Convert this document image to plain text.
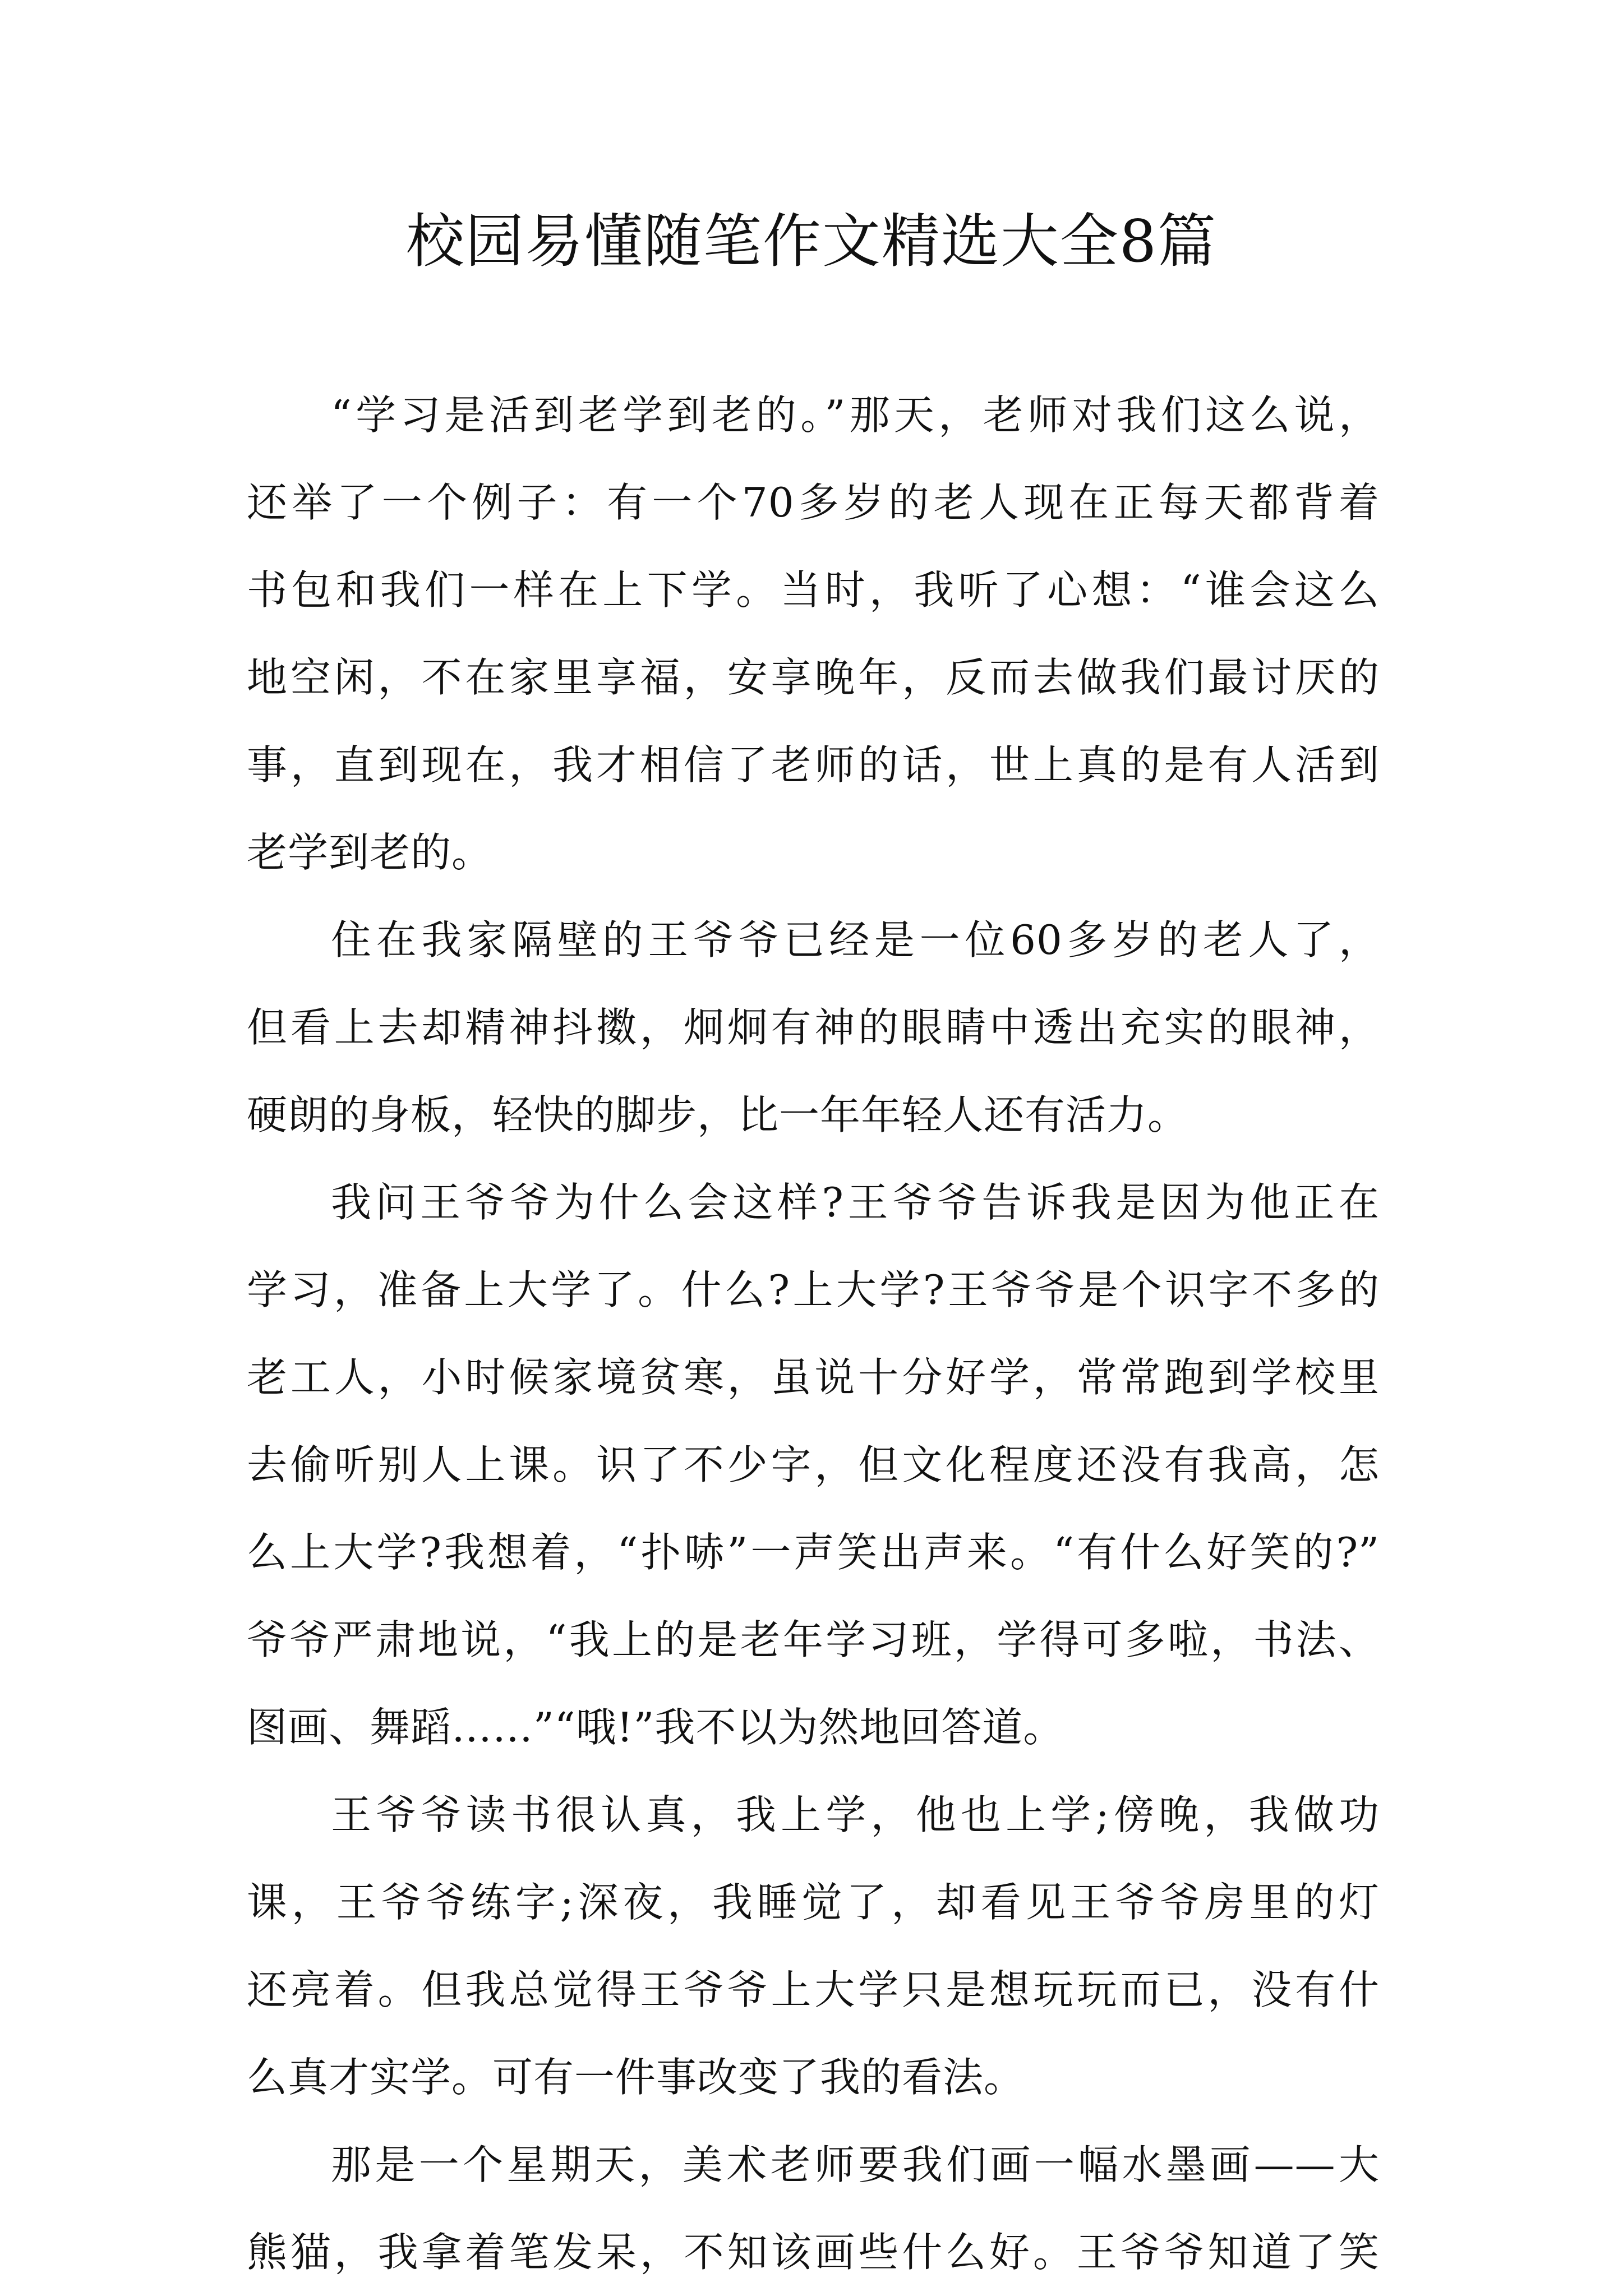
校园易懂随笔作文精选大全8篇
“学习是活到老学到老的。”那天，老师对我们这么说，
还举了一个例子：有一个70多岁的老人现在正每天都背着
书包和我们一样在上下学。当时，我听了心想：“谁会这么
地空闲，不在家里享福，安享晚年，反而去做我们最讨厌的
事，直到现在，我才相信了老师的话，世上真的是有人活到
老学到老的。
住在我家隔壁的王爷爷已经是一位60多岁的老人了，
但看上去却精神抖擞，炯炯有神的眼睛中透出充实的眼神，
硬朗的身板，轻快的脚步，比一年年轻人还有活力。
我问王爷爷为什么会这样?王爷爷告诉我是因为他正在
学习，准备上大学了。什么?上大学?王爷爷是个识字不多的
老工人，小时候家境贫寒，虽说十分好学，常常跑到学校里
去偷听别人上课。识了不少字，但文化程度还没有我高，怎
么上大学?我想着，“扑哧”一声笑出声来。“有什么好笑的?”
爷爷严肃地说，“我上的是老年学习班，学得可多啦，书法、
图画、舞蹈……”“哦!”我不以为然地回答道。
王爷爷读书很认真，我上学，他也上学;傍晚，我做功
课，王爷爷练字;深夜，我睡觉了，却看见王爷爷房里的灯
还亮着。但我总觉得王爷爷上大学只是想玩玩而已，没有什
么真才实学。可有一件事改变了我的看法。
那是一个星期天，美术老师要我们画一幅水墨画——大
熊猫，我拿着笔发呆，不知该画些什么好。王爷爷知道了笑
